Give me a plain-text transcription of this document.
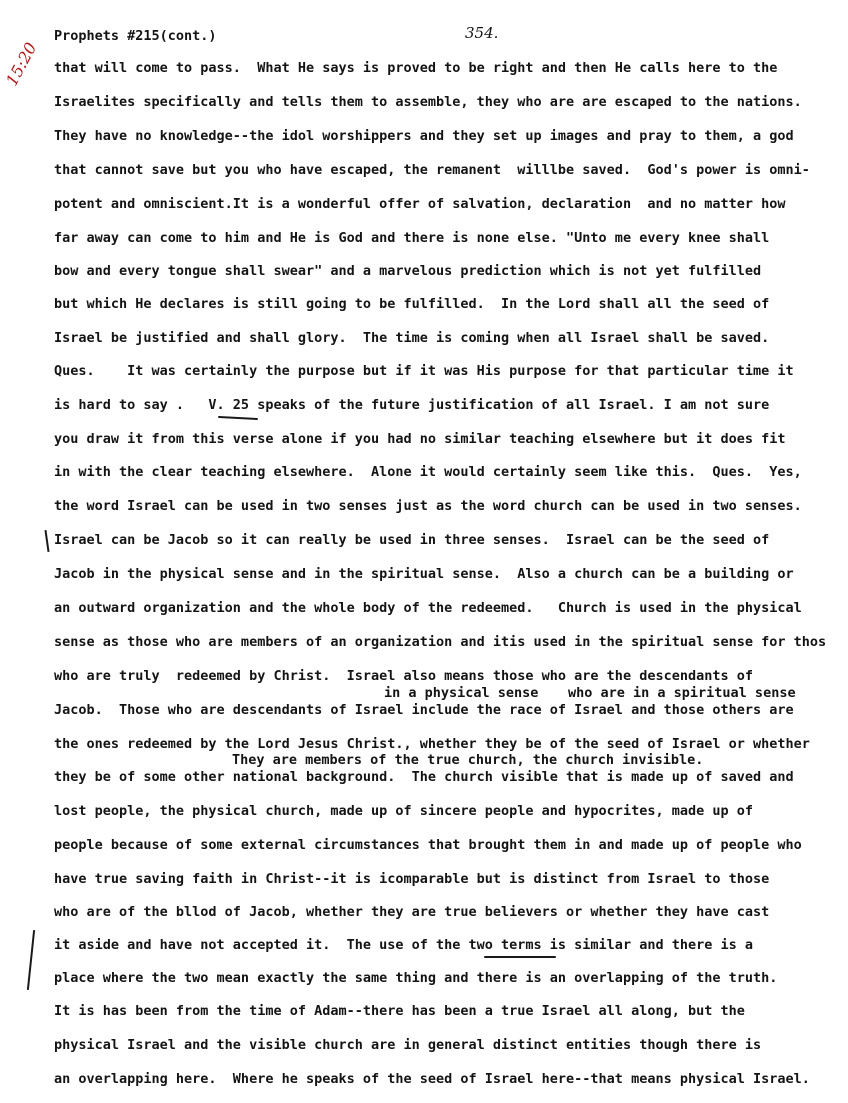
Prophets #215(cont.)	354.
15:20 that will come to pass.  What He says is proved to be right and then He calls here to the
Israelites specifically and tells them to assemble, they who are are escaped to the nations.
They have no knowledge--the idol worshippers and they set up images and pray to them, a god
that cannot save but you who have escaped, the remanent  willlbe saved.  God's power is omni-
potent and omniscient.It is a wonderful offer of salvation, declaration  and no matter how
far away can come to him and He is God and there is none else. "Unto me every knee shall
bow and every tongue shall swear" and a marvelous prediction which is not yet fulfilled
but which He declares is still going to be fulfilled.  In the Lord shall all the seed of
Israel be justified and shall glory.  The time is coming when all Israel shall be saved.
Ques.    It was certainly the purpose but if it was His purpose for that particular time it
is hard to say .   V. 25 speaks of the future justification of all Israel. I am not sure
you draw it from this verse alone if you had no similar teaching elsewhere but it does fit
in with the clear teaching elsewhere.  Alone it would certainly seem like this.  Ques.  Yes,
the word Israel can be used in two senses just as the word church can be used in two senses.
Israel can be Jacob so it can really be used in three senses.  Israel can be the seed of
Jacob in the physical sense and in the spiritual sense.  Also a church can be a building or
an outward organization and the whole body of the redeemed.   Church is used in the physical
sense as those who are members of an organization and itis used in the spiritual sense for thos
who are truly  redeemed by Christ.  Israel also means those who are the descendants of
in a physical sense who are in a spiritual sense
Jacob.  Those who are descendants of Israel include the race of Israel and those others are
the ones redeemed by the Lord Jesus Christ., whether they be of the seed of Israel or whether
They are members of the true church, the church invisible.
they be of some other national background.  The church visible that is made up of saved and
lost people, the physical church, made up of sincere people and hypocrites, made up of
people because of some external circumstances that brought them in and made up of people who
have true saving faith in Christ--it is icomparable but is distinct from Israel to those
who are of the bllod of Jacob, whether they are true believers or whether they have cast
it aside and have not accepted it.  The use of the two terms is similar and there is a
place where the two mean exactly the same thing and there is an overlapping of the truth.
It is has been from the time of Adam--there has been a true Israel all along, but the
physical Israel and the visible church are in general distinct entities though there is
an overlapping here.  Where he speaks of the seed of Israel here--that means physical Israel.
